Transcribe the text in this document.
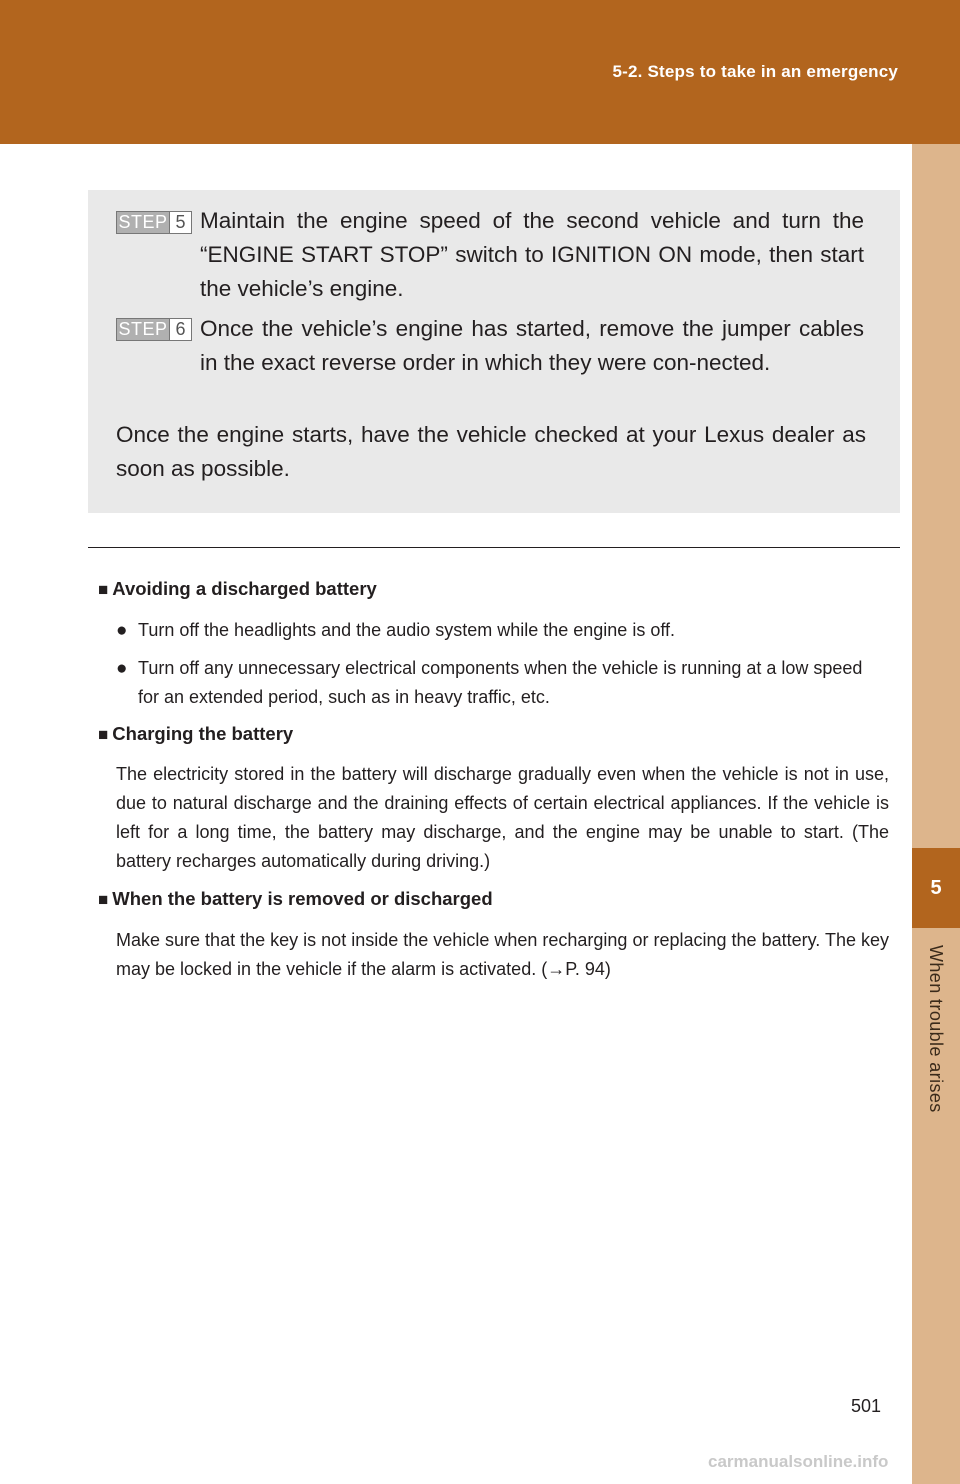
5-2. Steps to take in an emergency
5
When trouble arises
STEP 5 Maintain the engine speed of the second vehicle and turn the “ENGINE START STOP” switch to IGNITION ON mode, then start the vehicle’s engine.
STEP 6 Once the vehicle’s engine has started, remove the jumper cables in the exact reverse order in which they were con-nected.
Once the engine starts, have the vehicle checked at your Lexus dealer as soon as possible.
■ Avoiding a discharged battery
● Turn off the headlights and the audio system while the engine is off.
● Turn off any unnecessary electrical components when the vehicle is running at a low speed for an extended period, such as in heavy traffic, etc.
■ Charging the battery
The electricity stored in the battery will discharge gradually even when the vehicle is not in use, due to natural discharge and the draining effects of certain electrical appliances. If the vehicle is left for a long time, the battery may discharge, and the engine may be unable to start. (The battery recharges automatically during driving.)
■ When the battery is removed or discharged
Make sure that the key is not inside the vehicle when recharging or replacing the battery. The key may be locked in the vehicle if the alarm is activated. (→P. 94)
501
carmanualsonline.info
